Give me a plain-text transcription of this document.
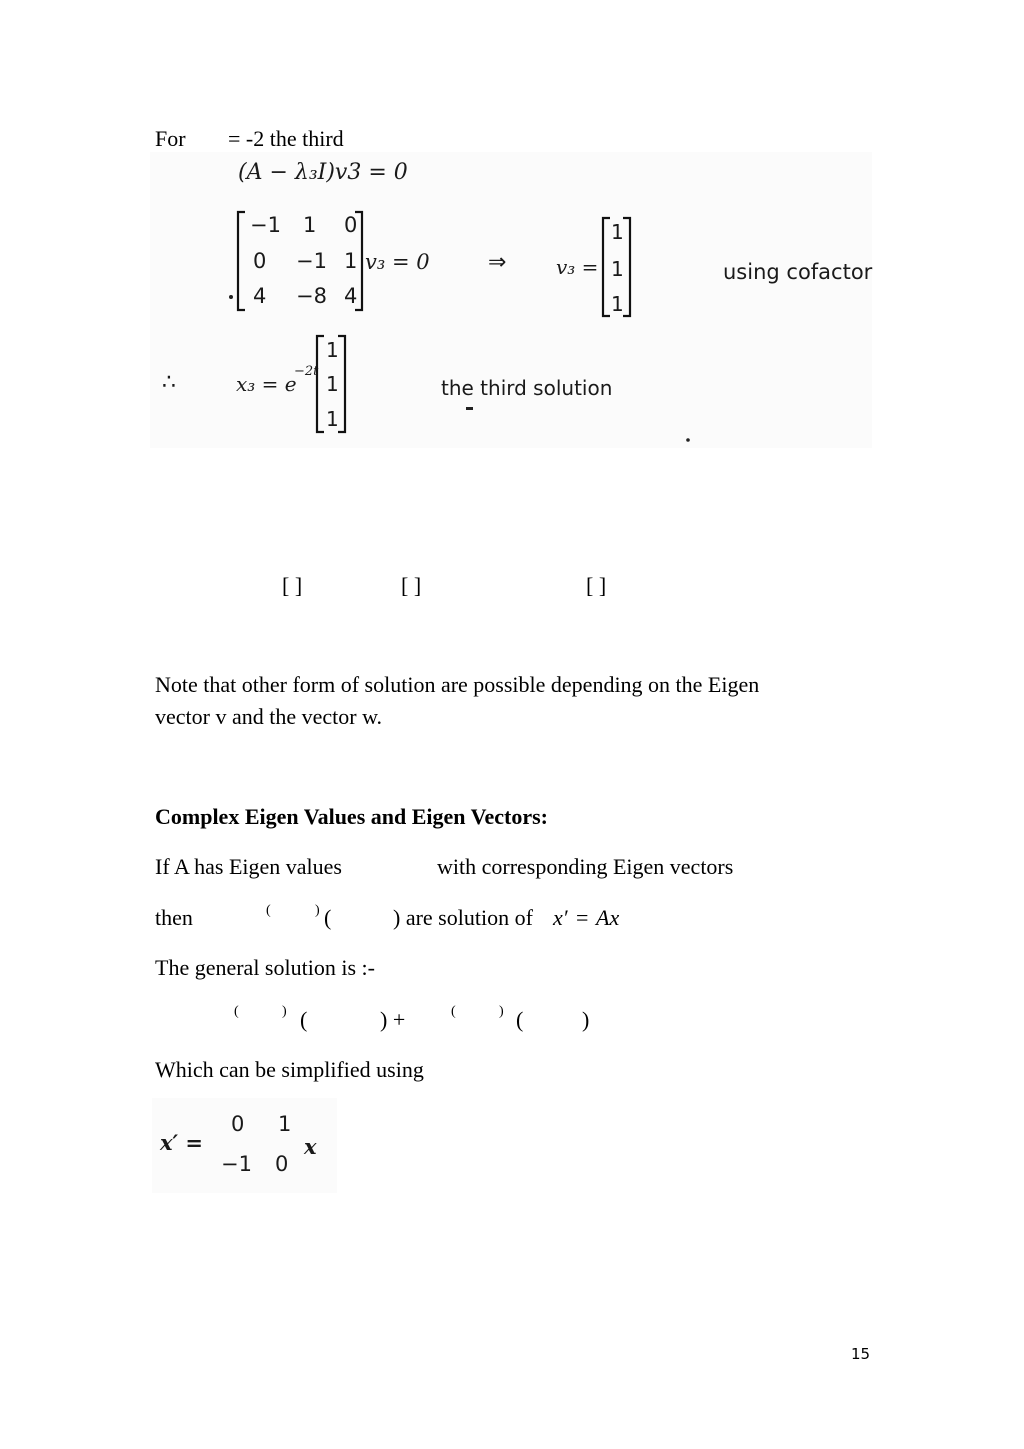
For = -2 the third
(A − λ₃I)v3 = 0
−1 1 0
0 −1 1
4 −8 4
v₃ = 0	⇒ v₃ =
1
1
1
using cofactor
∴	x₃ = e
−2t
1
1
1
the third solution
[ ]	[ ]	[ ]
Note that other form of solution are possible depending on the Eigen
vector v and the vector w.
Complex Eigen Values and Eigen Vectors:
If A has Eigen values	with corresponding Eigen vectors
then	(	) (	) are solution of x′ = Ax
The general solution is :-
(	) (	) +	(	) (	)
Which can be simplified using
x′ =
0 1
−1 0
x
15
